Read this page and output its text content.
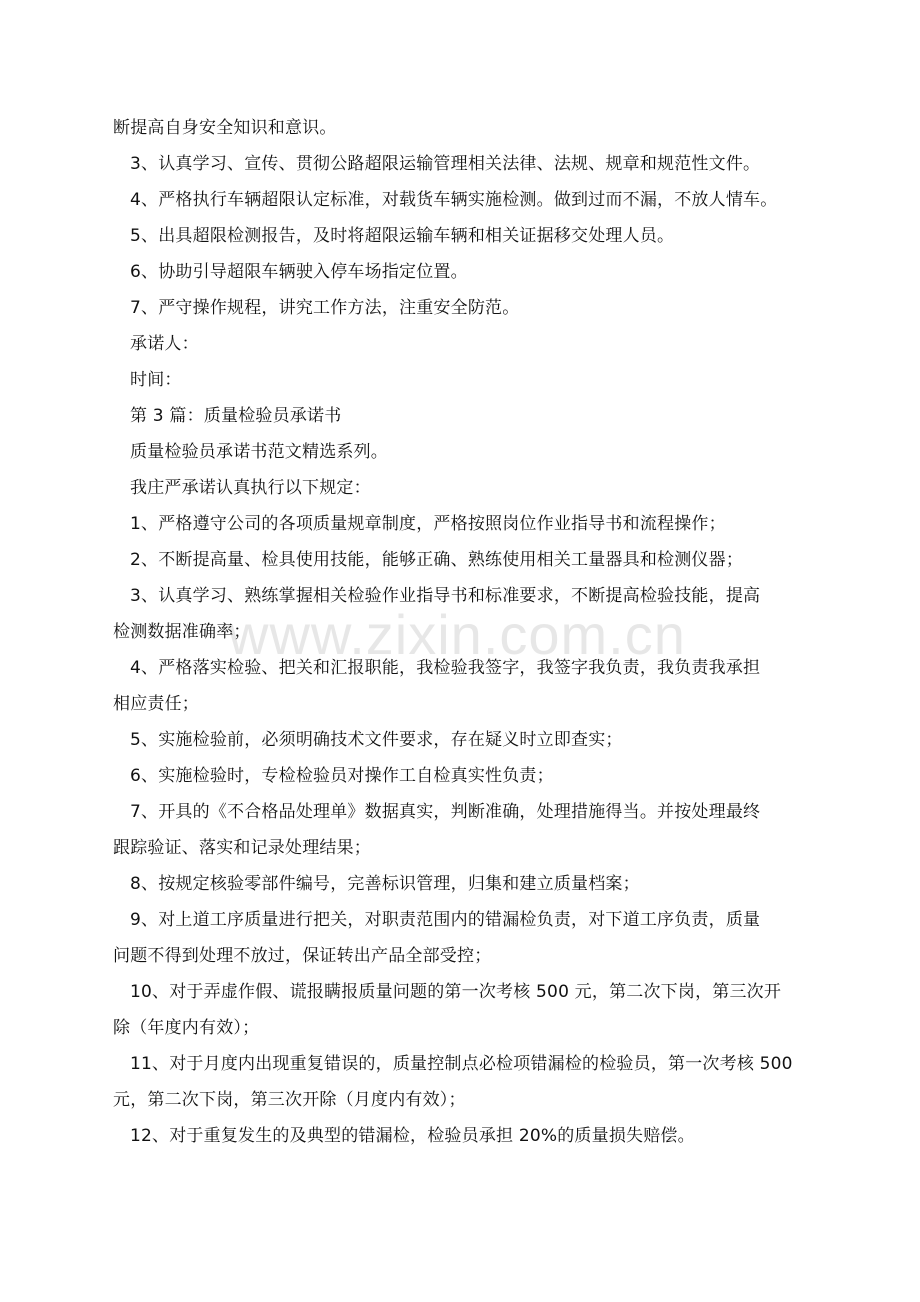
www.zixin.com.cn

断提高自身安全知识和意识。

3、认真学习、宣传、贯彻公路超限运输管理相关法律、法规、规章和规范性文件。

4、严格执行车辆超限认定标准，对载货车辆实施检测。做到过而不漏，不放人情车。

5、出具超限检测报告，及时将超限运输车辆和相关证据移交处理人员。

6、协助引导超限车辆驶入停车场指定位置。

7、严守操作规程，讲究工作方法，注重安全防范。

承诺人：

时间：

第 3 篇：质量检验员承诺书

质量检验员承诺书范文精选系列。

我庄严承诺认真执行以下规定：

1、严格遵守公司的各项质量规章制度，严格按照岗位作业指导书和流程操作；

2、不断提高量、检具使用技能，能够正确、熟练使用相关工量器具和检测仪器；

3、认真学习、熟练掌握相关检验作业指导书和标准要求，不断提高检验技能，提高

检测数据准确率；

4、严格落实检验、把关和汇报职能，我检验我签字，我签字我负责，我负责我承担

相应责任；

5、实施检验前，必须明确技术文件要求，存在疑义时立即查实；

6、实施检验时，专检检验员对操作工自检真实性负责；

7、开具的《不合格品处理单》数据真实，判断准确，处理措施得当。并按处理最终

跟踪验证、落实和记录处理结果；

8、按规定核验零部件编号，完善标识管理，归集和建立质量档案；

9、对上道工序质量进行把关，对职责范围内的错漏检负责，对下道工序负责，质量

问题不得到处理不放过，保证转出产品全部受控；

10、对于弄虚作假、谎报瞒报质量问题的第一次考核 500 元，第二次下岗，第三次开

除（年度内有效）；

11、对于月度内出现重复错误的，质量控制点必检项错漏检的检验员，第一次考核 500

元，第二次下岗，第三次开除（月度内有效）；

12、对于重复发生的及典型的错漏检，检验员承担 20%的质量损失赔偿。
